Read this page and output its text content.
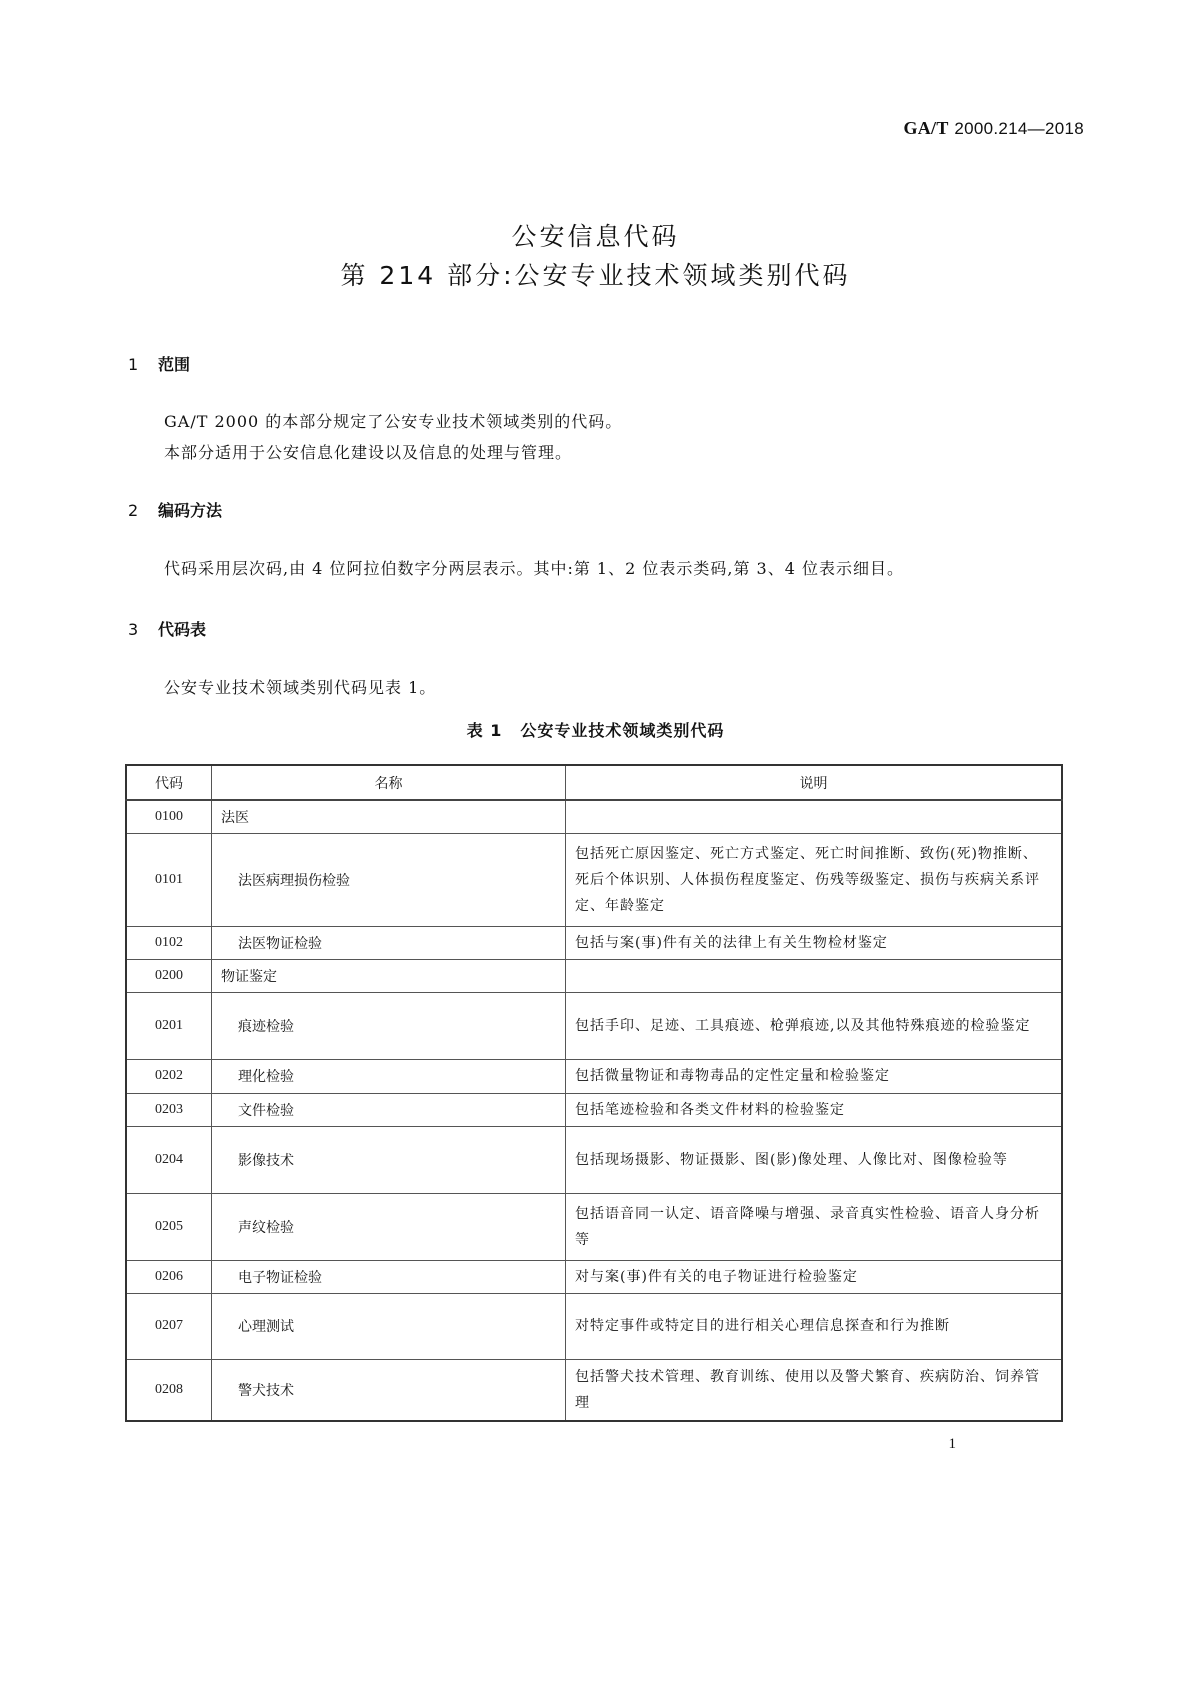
GA/T 2000.214—2018
公安信息代码
第 214 部分:公安专业技术领域类别代码
1 范围
GA/T 2000 的本部分规定了公安专业技术领域类别的代码。
本部分适用于公安信息化建设以及信息的处理与管理。
2 编码方法
代码采用层次码,由 4 位阿拉伯数字分两层表示。其中:第 1、2 位表示类码,第 3、4 位表示细目。
3 代码表
公安专业技术领域类别代码见表 1。
表 1 公安专业技术领域类别代码
代码	名称	说明
0100	法医	
0101	法医病理损伤检验	包括死亡原因鉴定、死亡方式鉴定、死亡时间推断、致伤(死)物推断、死后个体识别、人体损伤程度鉴定、伤残等级鉴定、损伤与疾病关系评定、年龄鉴定
0102	法医物证检验	包括与案(事)件有关的法律上有关生物检材鉴定
0200	物证鉴定	
0201	痕迹检验	包括手印、足迹、工具痕迹、枪弹痕迹,以及其他特殊痕迹的检验鉴定
0202	理化检验	包括微量物证和毒物毒品的定性定量和检验鉴定
0203	文件检验	包括笔迹检验和各类文件材料的检验鉴定
0204	影像技术	包括现场摄影、物证摄影、图(影)像处理、人像比对、图像检验等
0205	声纹检验	包括语音同一认定、语音降噪与增强、录音真实性检验、语音人身分析等
0206	电子物证检验	对与案(事)件有关的电子物证进行检验鉴定
0207	心理测试	对特定事件或特定目的进行相关心理信息探查和行为推断
0208	警犬技术	包括警犬技术管理、教育训练、使用以及警犬繁育、疾病防治、饲养管理
1
